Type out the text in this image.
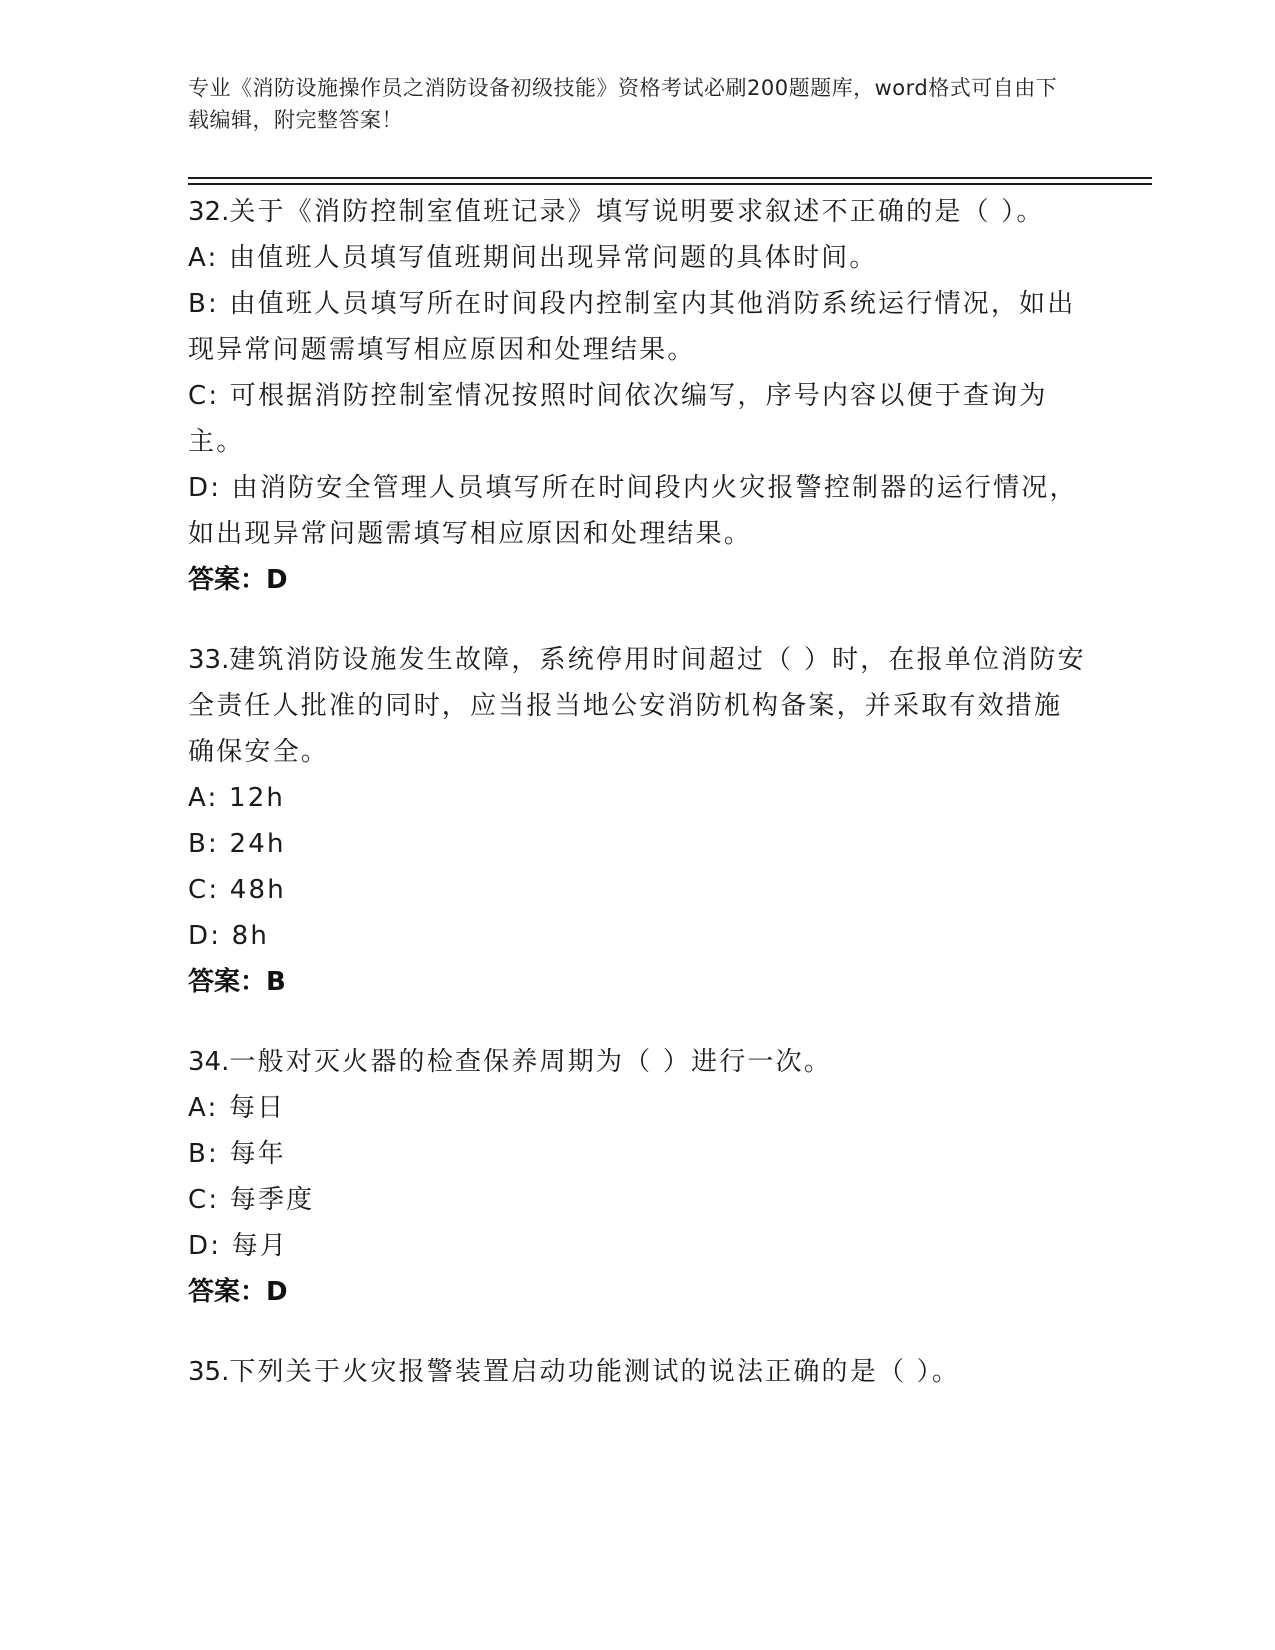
专业《消防设施操作员之消防设备初级技能》资格考试必刷200题题库，word格式可自由下载编辑，附完整答案！
32.关于《消防控制室值班记录》填写说明要求叙述不正确的是（ ）。
A: 由值班人员填写值班期间出现异常问题的具体时间。
B: 由值班人员填写所在时间段内控制室内其他消防系统运行情况，如出现异常问题需填写相应原因和处理结果。
C: 可根据消防控制室情况按照时间依次编写，序号内容以便于查询为主。
D: 由消防安全管理人员填写所在时间段内火灾报警控制器的运行情况，如出现异常问题需填写相应原因和处理结果。
答案：D
33.建筑消防设施发生故障，系统停用时间超过（ ）时，在报单位消防安全责任人批准的同时，应当报当地公安消防机构备案，并采取有效措施确保安全。
A: 12h
B: 24h
C: 48h
D: 8h
答案：B
34.一般对灭火器的检查保养周期为（ ）进行一次。
A: 每日
B: 每年
C: 每季度
D: 每月
答案：D
35.下列关于火灾报警装置启动功能测试的说法正确的是（ ）。
